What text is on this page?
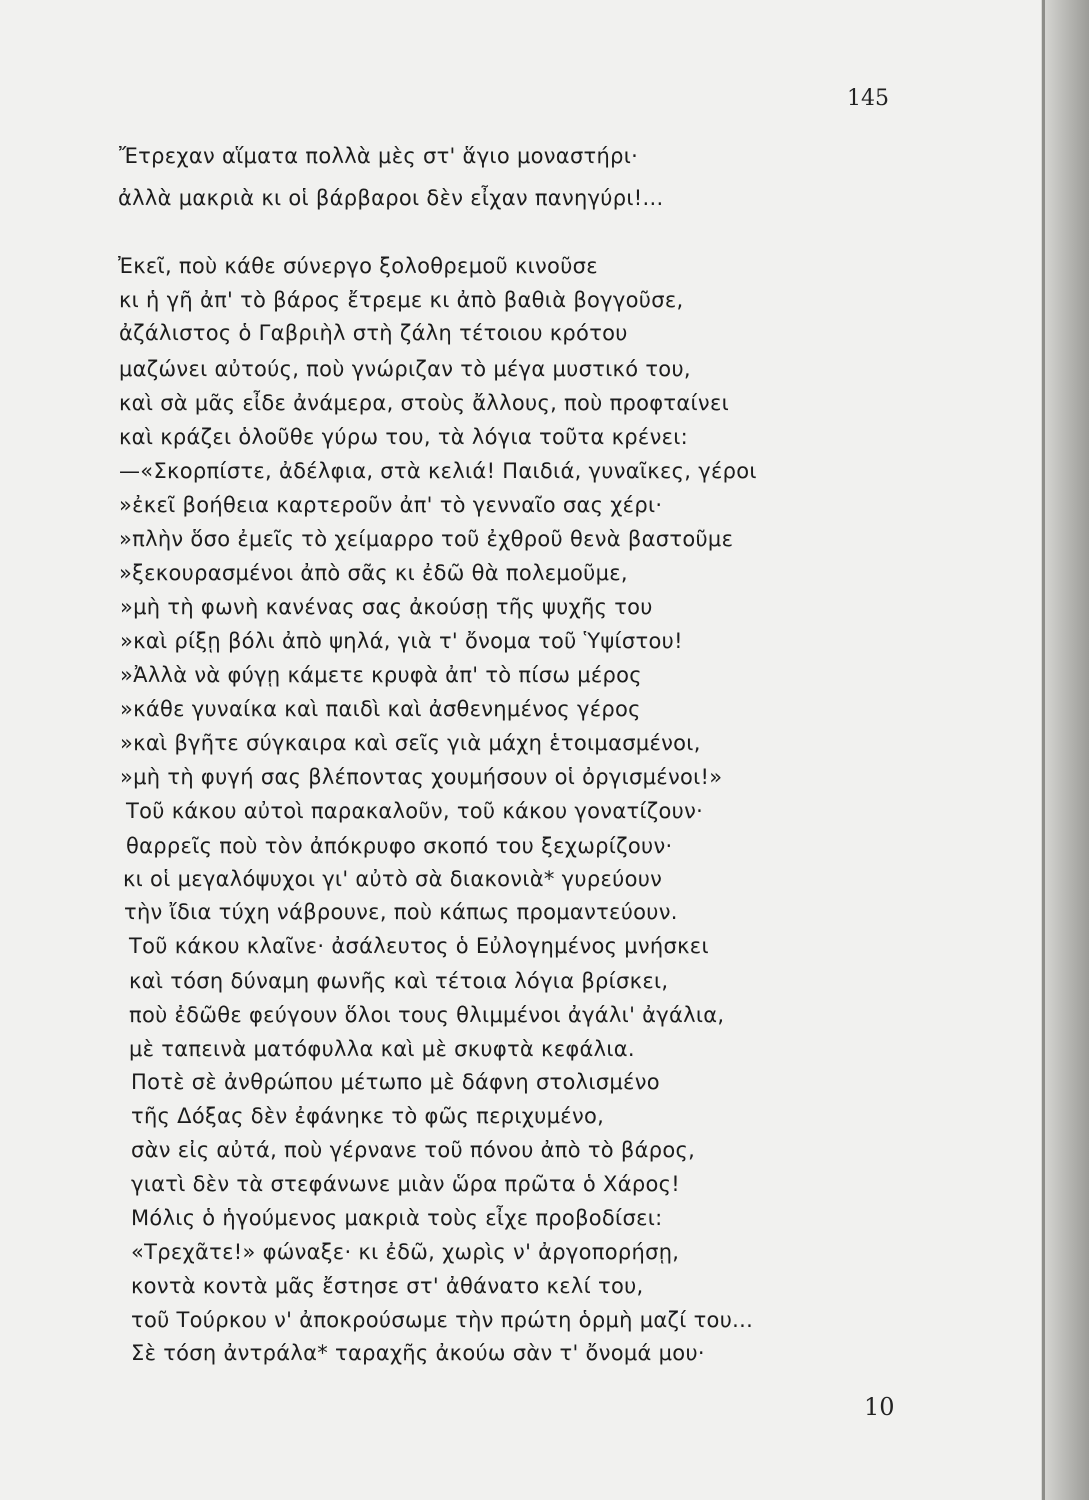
145
Ἔτρεχαν αἵματα πολλὰ μὲς στ' ἅγιο μοναστήρι·
ἀλλὰ μακριὰ κι οἱ βάρβαροι δὲν εἶχαν πανηγύρι!...
Ἐκεῖ, ποὺ κάθε σύνεργο ξολοθρεμοῦ κινοῦσε
κι ἡ γῆ ἀπ' τὸ βάρος ἔτρεμε κι ἀπὸ βαθιὰ βογγοῦσε,
ἀζάλιστος ὁ Γαβριὴλ στὴ ζάλη τέτοιου κρότου
μαζώνει αὐτούς, ποὺ γνώριζαν τὸ μέγα μυστικό του,
καὶ σὰ μᾶς εἶδε ἀνάμερα, στοὺς ἄλλους, ποὺ προφταίνει
καὶ κράζει ὁλοῦθε γύρω του, τὰ λόγια τοῦτα κρένει:
—«Σκορπίστε, ἀδέλφια, στὰ κελιά! Παιδιά, γυναῖκες, γέροι
»ἐκεῖ βοήθεια καρτεροῦν ἀπ' τὸ γενναῖο σας χέρι·
»πλὴν ὅσο ἐμεῖς τὸ χείμαρρο τοῦ ἐχθροῦ θενὰ βαστοῦμε
»ξεκουρασμένοι ἀπὸ σᾶς κι ἐδῶ θὰ πολεμοῦμε,
»μὴ τὴ φωνὴ κανένας σας ἀκούσῃ τῆς ψυχῆς του
»καὶ ρίξῃ βόλι ἀπὸ ψηλά, γιὰ τ' ὄνομα τοῦ Ὑψίστου!
»Ἀλλὰ νὰ φύγῃ κάμετε κρυφὰ ἀπ' τὸ πίσω μέρος
»κάθε γυναίκα καὶ παιδὶ καὶ ἀσθενημένος γέρος
»καὶ βγῆτε σύγκαιρα καὶ σεῖς γιὰ μάχη ἑτοιμασμένοι,
»μὴ τὴ φυγή σας βλέποντας χουμήσουν οἱ ὀργισμένοι!»
Τοῦ κάκου αὐτοὶ παρακαλοῦν, τοῦ κάκου γονατίζουν·
θαρρεῖς ποὺ τὸν ἀπόκρυφο σκοπό του ξεχωρίζουν·
κι οἱ μεγαλόψυχοι γι' αὐτὸ σὰ διακονιὰ* γυρεύουν
τὴν ἴδια τύχη νάβρουνε, ποὺ κάπως προμαντεύουν.
Τοῦ κάκου κλαῖνε· ἀσάλευτος ὁ Εὐλογημένος μνήσκει
καὶ τόση δύναμη φωνῆς καὶ τέτοια λόγια βρίσκει,
ποὺ ἐδῶθε φεύγουν ὅλοι τους θλιμμένοι ἀγάλι' ἀγάλια,
μὲ ταπεινὰ ματόφυλλα καὶ μὲ σκυφτὰ κεφάλια.
Ποτὲ σὲ ἀνθρώπου μέτωπο μὲ δάφνη στολισμένο
τῆς Δόξας δὲν ἐφάνηκε τὸ φῶς περιχυμένο,
σὰν εἰς αὐτά, ποὺ γέρνανε τοῦ πόνου ἀπὸ τὸ βάρος,
γιατὶ δὲν τὰ στεφάνωνε μιὰν ὥρα πρῶτα ὁ Χάρος!
Μόλις ὁ ἡγούμενος μακριὰ τοὺς εἶχε προβοδίσει:
«Τρεχᾶτε!» φώναξε· κι ἐδῶ, χωρὶς ν' ἀργοπορήσῃ,
κοντὰ κοντὰ μᾶς ἔστησε στ' ἀθάνατο κελί του,
τοῦ Τούρκου ν' ἀποκρούσωμε τὴν πρώτη ὁρμὴ μαζί του...
Σὲ τόση ἀντράλα* ταραχῆς ἀκούω σὰν τ' ὄνομά μου·
10
